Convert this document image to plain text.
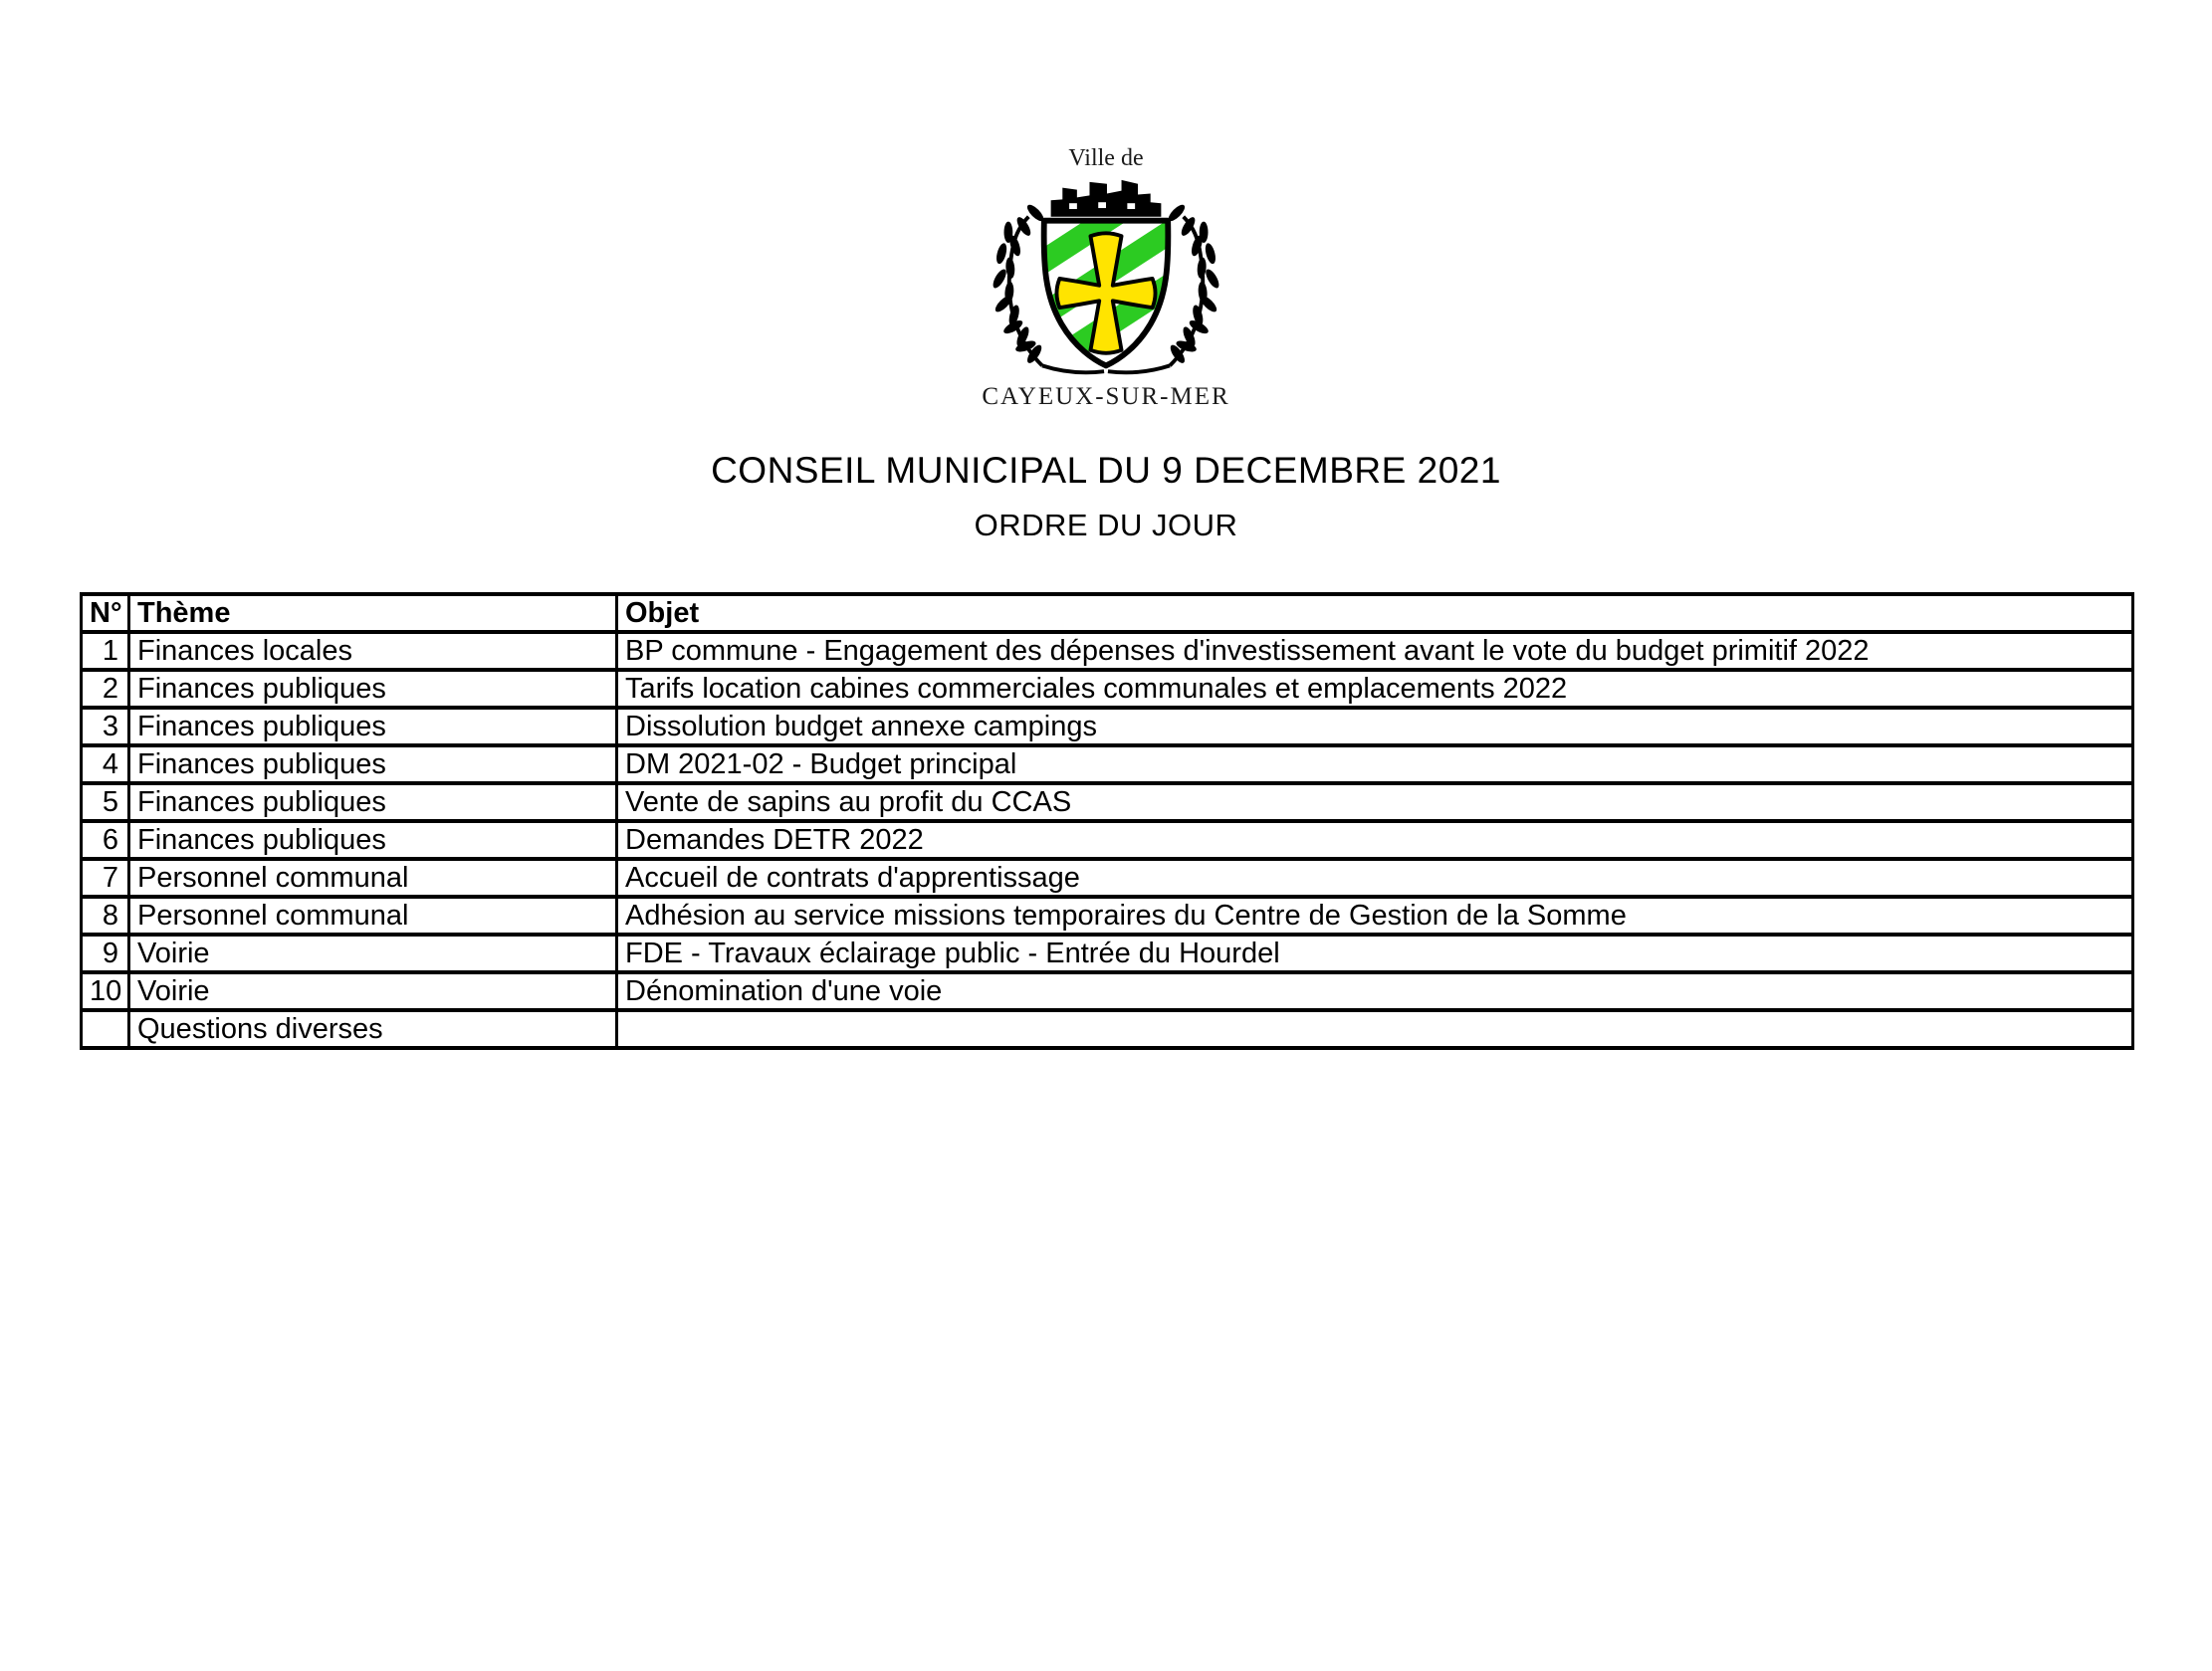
Ville de
CAYEUX-SUR-MER
CONSEIL MUNICIPAL DU 9 DECEMBRE 2021
ORDRE DU JOUR
N°	Thème	Objet
1	Finances locales	BP commune - Engagement des dépenses d'investissement avant le vote du budget primitif 2022
2	Finances publiques	Tarifs location cabines commerciales communales et emplacements 2022
3	Finances publiques	Dissolution budget annexe campings
4	Finances publiques	DM 2021-02 - Budget principal
5	Finances publiques	Vente de sapins au profit du CCAS
6	Finances publiques	Demandes DETR 2022
7	Personnel communal	Accueil de contrats d'apprentissage
8	Personnel communal	Adhésion au service missions temporaires du Centre de Gestion de la Somme
9	Voirie	FDE - Travaux éclairage public - Entrée du Hourdel
10	Voirie	Dénomination d'une voie
	Questions diverses	
